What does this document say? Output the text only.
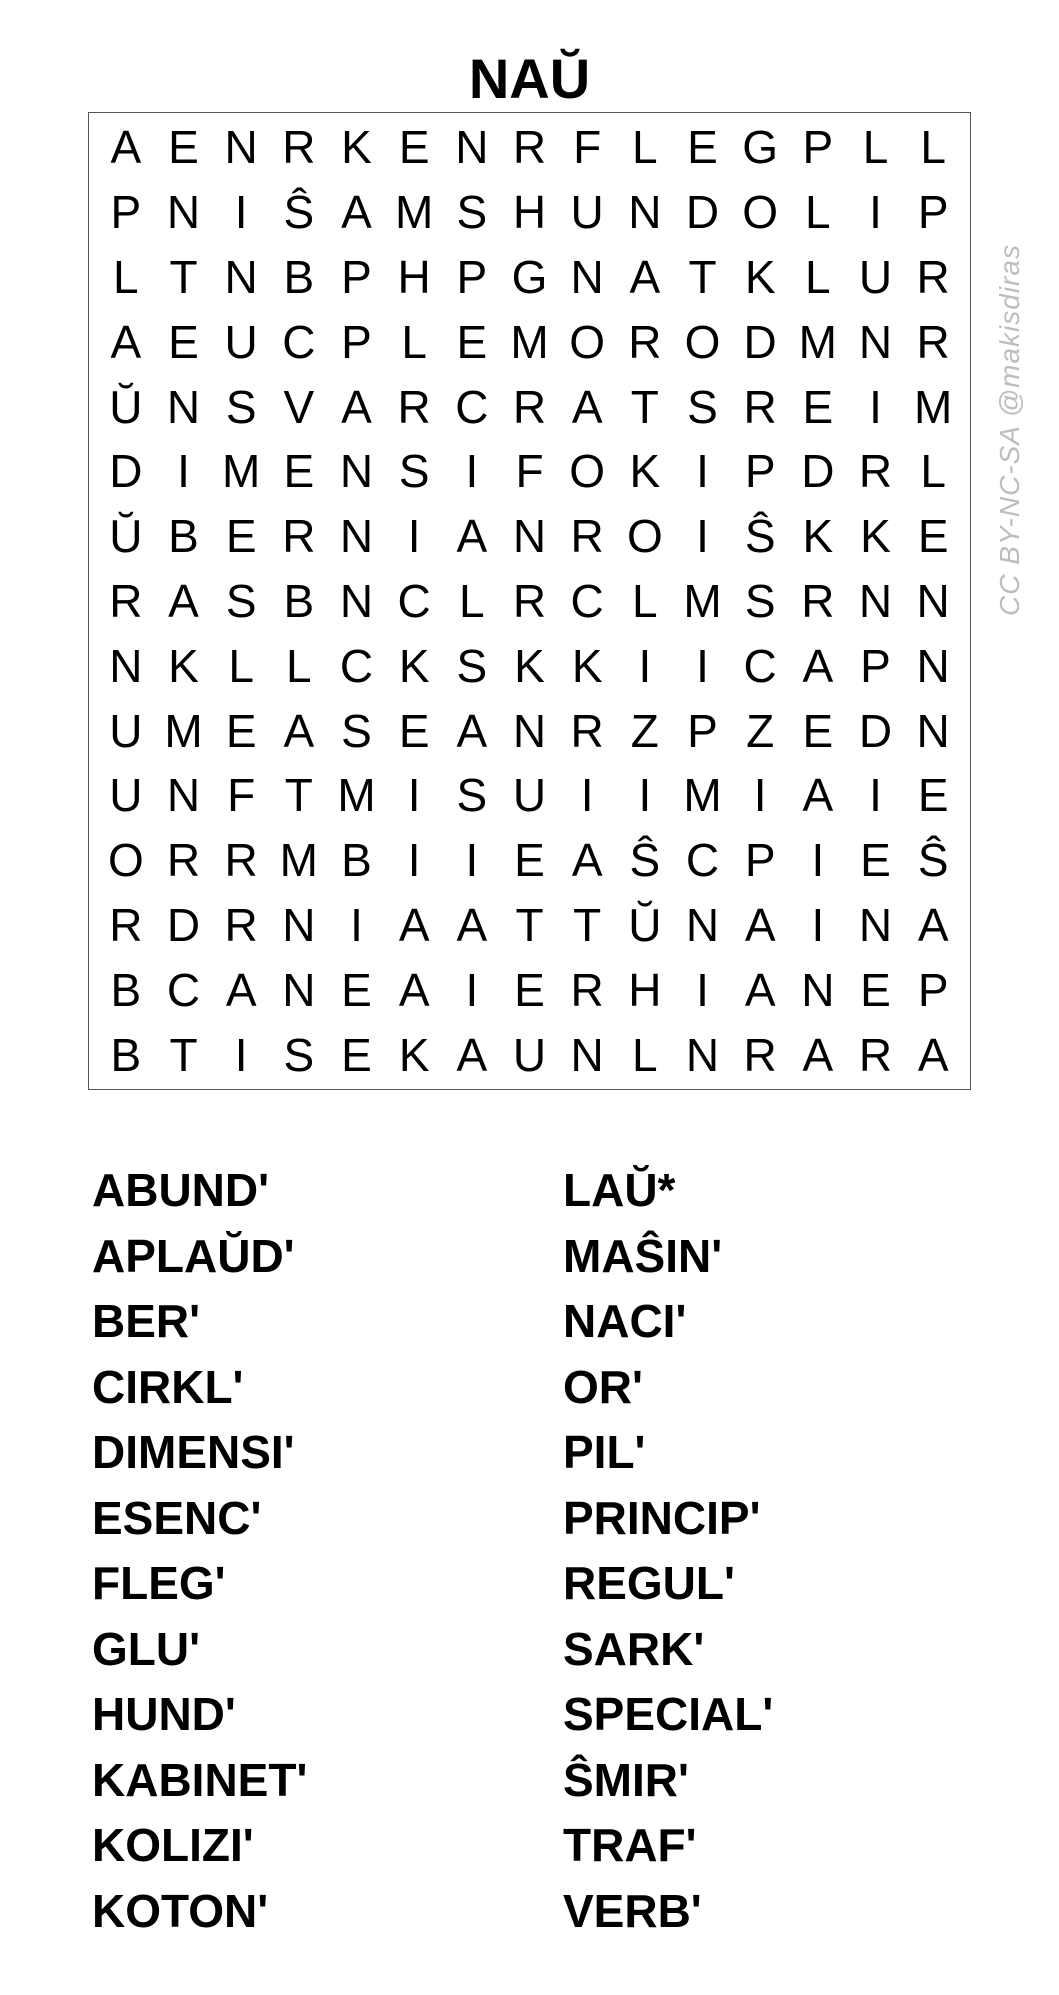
NAŬ
A E N R K E N R F L E G P L L
P N I Ŝ A M S H U N D O L I P
L T N B P H P G N A T K L U R
A E U C P L E M O R O D M N R
Ŭ N S V A R C R A T S R E I M
D I M E N S I F O K I P D R L
Ŭ B E R N I A N R O I Ŝ K K E
R A S B N C L R C L M S R N N
N K L L C K S K K I I C A P N
U M E A S E A N R Z P Z E D N
U N F T M I S U I I M I A I E
O R R M B I I E A Ŝ C P I E Ŝ
R D R N I A A T T Ŭ N A I N A
B C A N E A I E R H I A N E P
B T I S E K A U N L N R A R A
CC BY-NC-SA @makisdiras
ABUND'
APLAŬD'
BER'
CIRKL'
DIMENSI'
ESENC'
FLEG'
GLU'
HUND'
KABINET'
KOLIZI'
KOTON'
LAŬ*
MAŜIN'
NACI'
OR'
PIL'
PRINCIP'
REGUL'
SARK'
SPECIAL'
ŜMIR'
TRAF'
VERB'
